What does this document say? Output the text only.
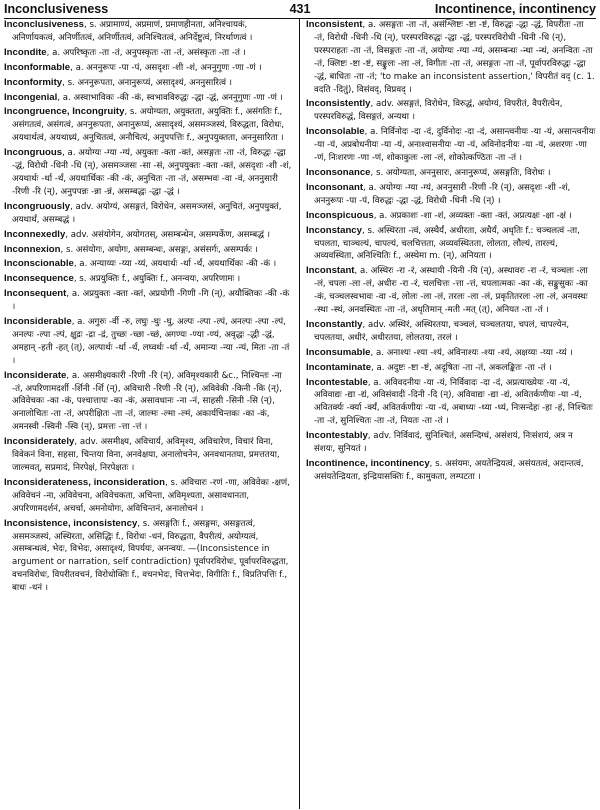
Inconclusiveness	431	Incontinence, incontinency
Inconclusiveness, s. अप्रामाण्यं, अप्रमाणं, प्रमाणहीनता, अनिश्चायकं, अनिर्णायकत्वं, अनिर्णीतत्वं, अनिर्णीतत्वं, अनिश्चितत्वं, अनिर्देष्टुत्वं, निरर्थाणत्वं ।
Incondite, a. अपरिष्कृतः -ता -तं, अनुपस्कृतः -ता -तं, असंस्कृतः -ता -तं ।
Inconformable, a. अननुरूपः -पा -पं, असदृशः -शी -शं, अननुगुणः -णा -णं ।
Inconformity, s. अननुरूपता, अनानुरूप्यं, असादृश्यं, अननुसारित्वं ।
Incongenial, a. अस्वाभाविकः -की -कं, स्वभावविरुद्धः -द्धा -द्धं, अननुगुणः -णा -णं ।
Incongruence, Incongruity, s. अयोग्यता, अयुक्तता, अयुक्तिः f., असंगतिः f., असंगतत्वं, असंगत्वं, अननुरूपता, अनानुरूप्यं, असादृश्यं, असमञ्जस्यं, विरुद्धता, विरोधः, अयथार्थत्वं, अयथाथ्र्यं, अनुचितत्वं, अनौचित्यं, अनुपपत्तिः f., अनुपयुक्तता, अननुसारिता ।
Incongruous, a. अयोग्यः -ग्या -ग्यं, अयुक्तः -क्ता -क्तं, असङ्गतः -ता -तं, विरुद्धः -द्धा -द्धं, विरोधी -धिनी -धि (न्), असमञ्जसः -सा -सं, अनुपयुक्तः -क्ता -क्तं, असदृशः -शी -शं, अयथार्थः -र्था -र्थं, अयथार्थिकः -की -कं, अनुचितः -ता -तं, असम्भवः -वा -वं, अननुसारी -रिणी -रि (न्), अनुपपन्नः -न्ना -न्नं, असम्बद्धः -द्धा -द्धं ।
Incongruously, adv. अयोग्यं, असङ्गतं, विरोधेन, असमञ्जसं, अनुचितं, अनुपयुक्तं, अयथार्थं, असम्बद्धं ।
Inconnexedly, adv. असंयोगेन, अयोगतस्, असम्बन्धेन, असम्पर्केण, असम्बद्धं ।
Inconnexion, s. असंयोगः, अयोगः, असम्बन्धः, असङ्गः, असंसर्गः, असम्पर्कः ।
Inconscionable, a. अन्याय्यः -य्या -य्यं, अयथार्थः -र्था -र्थं, अयथार्थिकः -की -कं ।
Inconsequence, s. अप्रयुक्तिः f., अयुक्तिः f., अनन्वयः, अपरिणामः ।
Inconsequent, a. अप्रयुक्तः -क्ता -क्तं, अप्रयोगी -गिणी -गि (न्), अयौक्तिकः -की -कं ।
Inconsiderable, a. अगुरुः -र्वी -रु, लघुः -घुः -घु, अल्पः -ल्पा -ल्पं, अनल्पः -ल्पा -ल्पं, अनल्पः -ल्पा -ल्पं, क्षुद्रः -द्रा -द्रं, तुच्छः -च्छा -च्छं, अगण्यः -ण्या -ण्यं, अवृद्धः -द्धी -द्धं, अमहान् -हती -हत् (त्), अल्पार्थः -र्था -र्थं, लघ्वर्थः -र्था -र्थं, अमान्यः -न्या -न्यं, मितः -ता -तं ।
Inconsiderate, a. असमीक्ष्यकारी -रिणी -रि (न्), अविमृश्यकारी &c., निश्चिन्तः -ना -तं, अपरिणामदर्शी -र्शिनी -र्शि (न्), अविचारी -रिणी -रि (न्), अविवेकी -किनी -कि (न्), अविवेचकः -का -कं, पश्चात्तापः -का -कं, असावधानः -ना -नं, साहसी -सिनी -सि (न्), अनालोचितः -ता -तं, अपरीक्षितः -ता -तं, जाल्मः -ल्मा -ल्मं, अकार्यचिन्तकः -का -कं, अमनस्वी -स्विनी -स्वि (न्), प्रमत्तः -त्ता -त्तं ।
Inconsiderately, adv. असमीक्ष्य, अविचार्य, अविमृश्य, अविचारेण, विचारं विना, विवेकनं विना, सहसा, चिन्तया विना, अनवेक्षया, अनालोचनेन, अनवधानतया, प्रमत्ततया, जाल्मवत्, सप्रमादं, निरपेक्षं, निरपेक्षतः ।
Inconsiderateness, inconsideration, s. अविचारः -रणं -णा, अविवेकः -क्षणं, अविवेचनं -ना, अविवेचना, अविवेचकता, अचिन्ता, अविमृश्यता, असावधानता, अपरिणामदर्शनं, अचर्चा, अमनोयोगः, अविचिन्तनं, अनालोचनं ।
Inconsistence, inconsistency, s. असङ्गतिः f., असङ्गमः, असङ्गतत्वं, असमञ्जस्यं, अस्थिरता, असिद्धिः f., विरोधः -धनं, विरुद्धता, वैपरीत्यं, अयोग्यत्वं, असम्बन्धत्वं, भेदः, विभेदः, असादृश्यं, विपर्ययः, अनन्वयः. —(Inconsistence in argument or narration, self contradiction) पूर्वापरविरोधः, पूर्वापरविरुद्धता, वचनविरोधः, विपरीतवचनं, विरोधोक्तिः f., वचनभेदः, चित्तभेदः, विगीतिः f., विप्रतिपत्तिः f., बाधः -धनं ।
Inconsistent, a. असङ्गतः -ता -तं, असंश्लिष्टः -ष्टा -ष्टं, विरुद्धः -द्धा -द्धं, विपरीतः -ता -तं, विरोधी -धिनी -धि (न्), परस्परविरुद्धः -द्धा -द्धं, परस्परविरोधी -धिनी -धि (न्), परस्पराहतः -ता -तं, विसङ्गतः -ता -तं, अयोग्यः -ग्या -ग्यं, असम्बन्धः -न्धा -न्धं, अनन्वितः -ता -तं, क्लिष्टः -ष्टा -ष्टं, सङ्कुलः -ला -लं, विगीतः -ता -तं, असङ्गतः -ता -तं, पूर्वापरविरुद्धः -द्धा -द्धं, बाधितः -ता -तं; 'to make an inconsistent assertion,' विपरीतं वद् (c. 1. वदति -दितुं), विसंवद्, विप्रवद् ।
Inconsistently, adv. असङ्गतं, विरोधेन, विरुद्धं, अयोग्यं, विपरीतं, वैपरीत्येन, परस्परविरुद्धं, विसङ्गतं, अन्यथा ।
Inconsolable, a. निर्विनोदः -दा -दं, दुर्विनोदः -दा -दं, असान्त्वनीयः -या -यं, असान्त्वनीयः -या -यं, अप्रबोधनीयः -या -यं, अनाश्वासनीयः -या -यं, अविनोदनीयः -या -यं, अशरणः -णा -णं, निःशरणः -णा -णं, शोकाकुलः -ला -लं, शोकोत्कण्ठितः -ता -तं ।
Inconsonance, s. अयोग्यता, अननुसारः, अनानुरूप्यं, असङ्गतिः, विरोधः ।
Inconsonant, a. अयोग्यः -ग्या -ग्यं, अननुसारी -रिणी -रि (न्), असदृशः -शी -शं, अननुरूपः -पा -पं, विरुद्धः -द्धा -द्धं, विरोधी -धिनी -धि (न्) ।
Inconspicuous, a. अप्रकाशः -शा -शं, अव्यक्तः -क्ता -क्तं, अप्रत्यक्षः -क्षा -क्षं ।
Inconstancy, s. अस्थिरता -त्वं, अस्थैर्यं, अधीरता, अधैर्यं, अधृतिः f.: चञ्चलत्वं -ता, चपलता, चाञ्चल्यं, चापल्यं, चलचित्तता, अव्यवस्थितता, लोलता, लौल्यं, तारल्यं, अव्यवस्थिता, अनिश्चितिः f., अस्थेमा m. (न्), अनियता ।
Inconstant, a. अस्थिरः -रा -रं, अस्थायी -यिनी -यि (न्), अस्थावरः -रा -रं, चञ्चलः -ला -लं, चपलः -ला -लं, अधीरः -रा -रं, चलचित्तः -त्ता -त्तं, चपलात्मकः -का -कं, सङ्कुसुकः -का -कं, चञ्चलस्वभावः -वा -वं, लोलः -ला -लं, तरलः -ला -लं, प्रकृतितरलः -ला -लं, अनवस्थः -स्था -स्थं, अनवस्थितः -ता -तं, अधृतिमान् -मती -मत् (त्), अनियत -ता -तं ।
Inconstantly, adv. अस्थिरं, अस्थिरतया, चञ्चलं, चञ्चलतया, चपलं, चापल्येन, चपलतया, अधीरं, अधीरतया, लोलतया, तरलं ।
Inconsumable, a. अनाश्यः -श्या -श्यं, अविनाश्यः -श्या -श्यं, अक्षय्यः -य्या -य्यं ।
Incontaminate, a. अदुष्टः -ष्टा -ष्टं, अदूषितः -ता -तं, अकलङ्कितः -ता -तं ।
Incontestable, a. अविवदनीयः -या -यं, निर्विवादः -दा -दं, अप्रत्याख्येयः -या -यं, अविवाद्यः -द्या -द्यं, अविसंवादी -दिनी -दि (न्), अविवाद्यः -द्या -द्यं, अवितर्कणीयः -या -यं, अवितर्क्यः -र्क्या -र्क्यं, अवितर्कणीयः -या -यं, अबाध्यः -ध्या -ध्यं, निःसन्देहः -हा -हं, निश्चितः -ता -तं, सुनिश्चितः -ता -तं, नियतः -ता -तं ।
Incontestably, adv. निर्विवादं, सुनिश्चितं, असन्दिग्धं, असंशयं, निःसंशयं, अत्र न संशयः, सुनियतं ।
Incontinence, incontinency, s. असंयमः, अयतेन्द्रियत्वं, असंयतत्वं, अदान्तत्वं, असंयतेन्द्रियता, इन्द्रियासक्तिः f., कामुकता, लम्पटता ।
